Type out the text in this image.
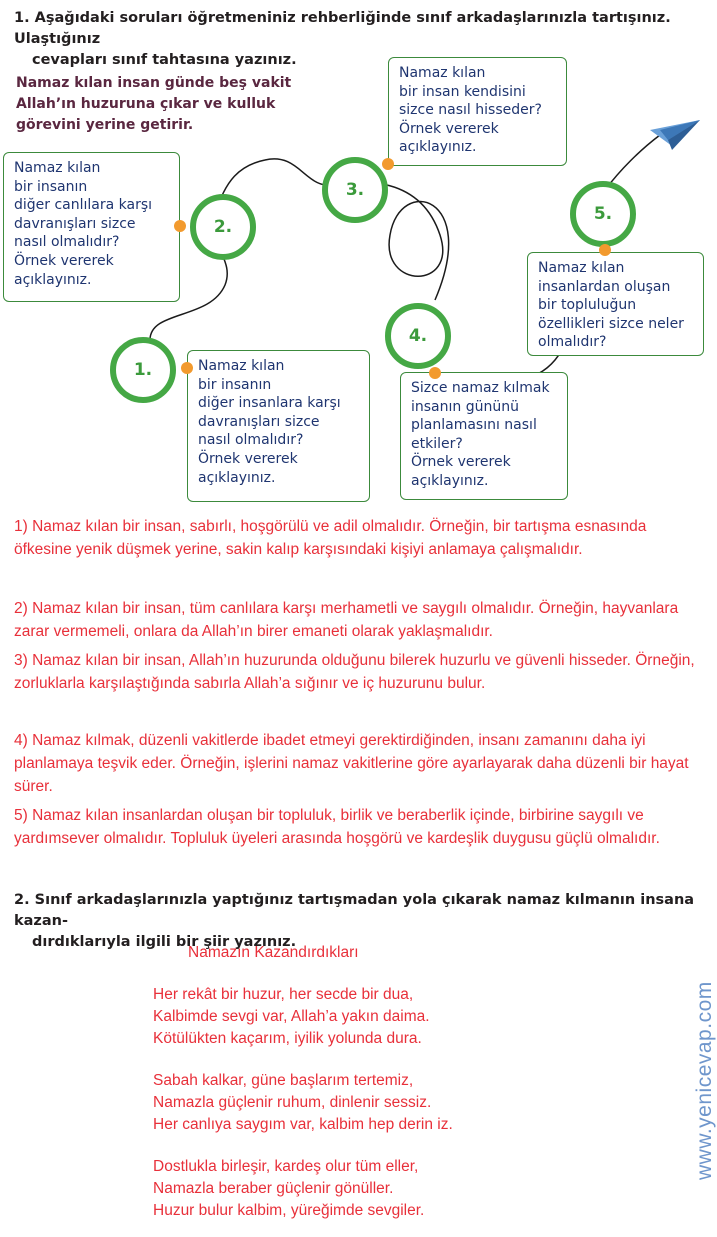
1. Aşağıdaki soruları öğretmeniniz rehberliğinde sınıf arkadaşlarınızla tartışınız. Ulaştığınız
cevapları sınıf tahtasına yazınız.
Namaz kılan insan günde beş vakit
Allah’ın huzuruna çıkar ve kulluk
görevini yerine getirir.
1.	Namaz kılan
bir insanın
diğer insanlara karşı
davranışları sizce
nasıl olmalıdır?
Örnek vererek
açıklayınız.
Namaz kılan
bir insanın
diğer canlılara karşı
davranışları sizce
nasıl olmalıdır?
Örnek vererek
açıklayınız.
2.
3.
Namaz kılan
bir insan kendisini
sizce nasıl hisseder?
Örnek vererek
açıklayınız.
4.
Sizce namaz kılmak
insanın gününü
planlamasını nasıl
etkiler?
Örnek vererek
açıklayınız.
5.
Namaz kılan
insanlardan oluşan
bir topluluğun
özellikleri sizce neler
olmalıdır?
1) Namaz kılan bir insan, sabırlı, hoşgörülü ve adil olmalıdır. Örneğin, bir tartışma esnasında öfkesine yenik düşmek yerine, sakin kalıp karşısındaki kişiyi anlamaya çalışmalıdır.
2) Namaz kılan bir insan, tüm canlılara karşı merhametli ve saygılı olmalıdır. Örneğin, hayvanlara zarar vermemeli, onlara da Allah’ın birer emaneti olarak yaklaşmalıdır.
3) Namaz kılan bir insan, Allah’ın huzurunda olduğunu bilerek huzurlu ve güvenli hisseder. Örneğin, zorluklarla karşılaştığında sabırla Allah’a sığınır ve iç huzurunu bulur.
4) Namaz kılmak, düzenli vakitlerde ibadet etmeyi gerektirdiğinden, insanı zamanını daha iyi planlamaya teşvik eder. Örneğin, işlerini namaz vakitlerine göre ayarlayarak daha düzenli bir hayat sürer.
5) Namaz kılan insanlardan oluşan bir topluluk, birlik ve beraberlik içinde, birbirine saygılı ve yardımsever olmalıdır. Topluluk üyeleri arasında hoşgörü ve kardeşlik duygusu güçlü olmalıdır.
2. Sınıf arkadaşlarınızla yaptığınız tartışmadan yola çıkarak namaz kılmanın insana kazan-
dırdıklarıyla ilgili bir şiir yazınız.
Namazın Kazandırdıkları
Her rekât bir huzur, her secde bir dua,
Kalbimde sevgi var, Allah’a yakın daima.
Kötülükten kaçarım, iyilik yolunda dura.
Sabah kalkar, güne başlarım tertemiz,
Namazla güçlenir ruhum, dinlenir sessiz.
Her canlıya saygım var, kalbim hep derin iz.
Dostlukla birleşir, kardeş olur tüm eller,
Namazla beraber güçlenir gönüller.
Huzur bulur kalbim, yüreğimde sevgiler.
www.yenicevap.com
